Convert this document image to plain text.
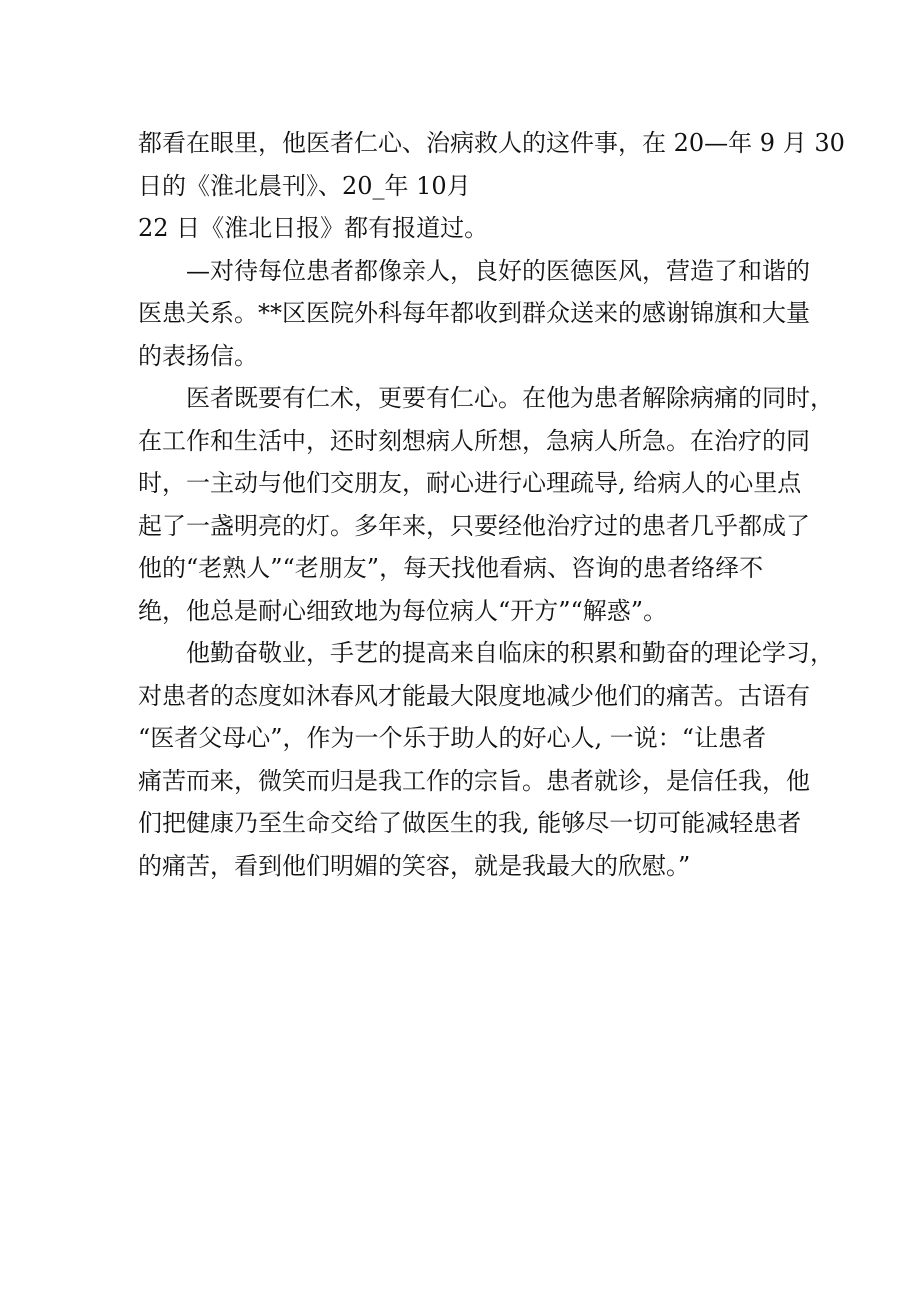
都看在眼里，他医者仁心、治病救人的这件事，在 20—年 9 月 30
日的《淮北晨刊》、20_年 10月
22 日《淮北日报》都有报道过。
—对待每位患者都像亲人，良好的医德医风，营造了和谐的
医患关系。**区医院外科每年都收到群众送来的感谢锦旗和大量
的表扬信。
医者既要有仁术，更要有仁心。在他为患者解除病痛的同时，
在工作和生活中，还时刻想病人所想，急病人所急。在治疗的同
时，一主动与他们交朋友，耐心进行心理疏导, 给病人的心里点
起了一盏明亮的灯。多年来，只要经他治疗过的患者几乎都成了
他的“老熟人”“老朋友”，每天找他看病、咨询的患者络绎不
绝，他总是耐心细致地为每位病人“开方”“解惑”。
他勤奋敬业，手艺的提高来自临床的积累和勤奋的理论学习，
对患者的态度如沐春风才能最大限度地减少他们的痛苦。古语有
“医者父母心”，作为一个乐于助人的好心人, 一说：“让患者
痛苦而来，微笑而归是我工作的宗旨。患者就诊，是信任我，他
们把健康乃至生命交给了做医生的我, 能够尽一切可能减轻患者
的痛苦，看到他们明媚的笑容，就是我最大的欣慰。”
